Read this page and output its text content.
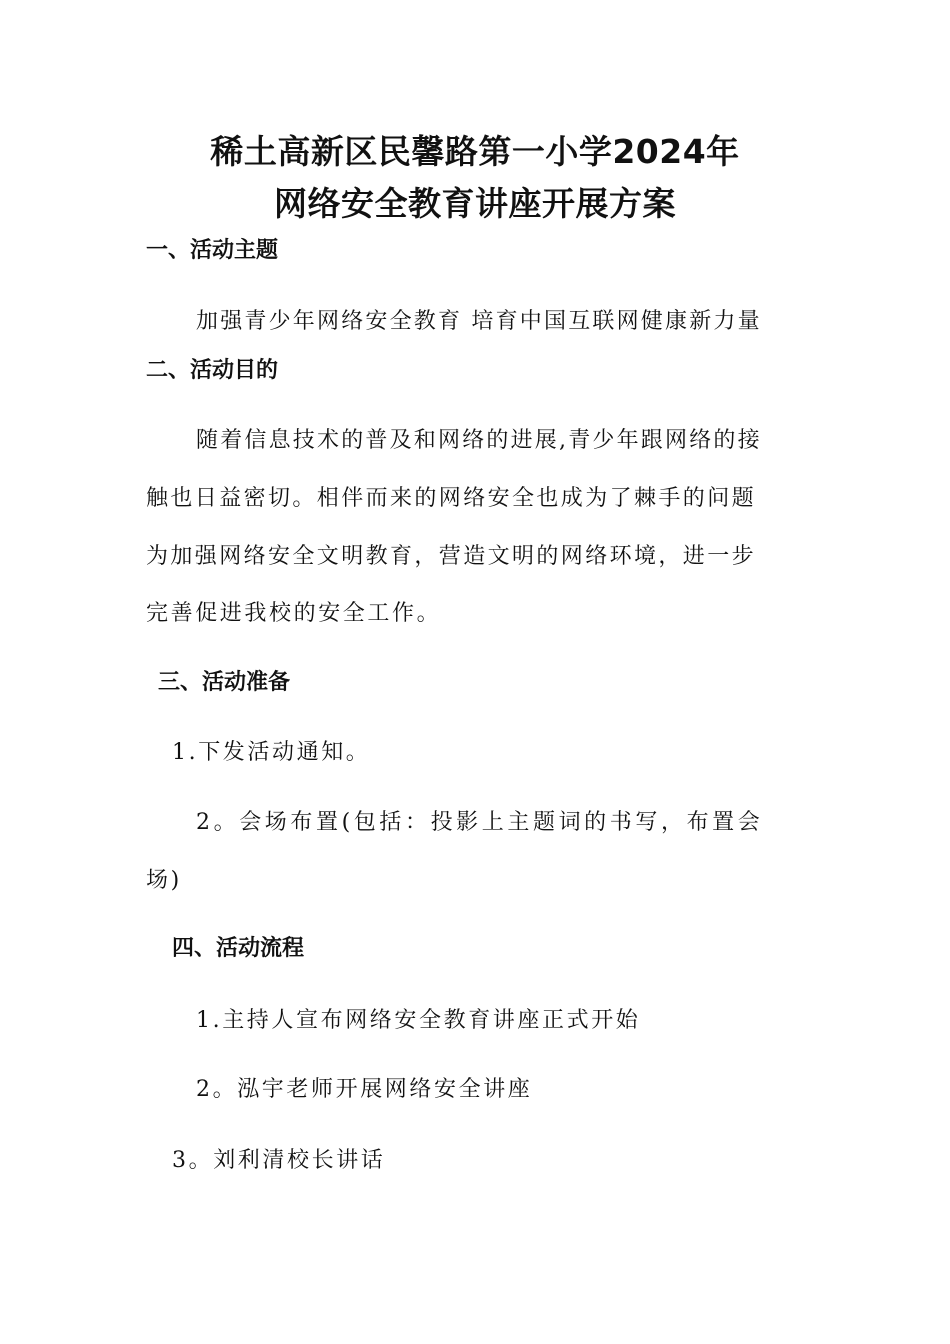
稀土高新区民馨路第一小学2024年
网络安全教育讲座开展方案
一、活动主题
加强青少年网络安全教育 培育中国互联网健康新力量
二、活动目的
随着信息技术的普及和网络的进展,青少年跟网络的接
触也日益密切。相伴而来的网络安全也成为了棘手的问题
为加强网络安全文明教育，营造文明的网络环境，进一步
完善促进我校的安全工作。
三、活动准备
1.下发活动通知。
2。会场布置(包括：投影上主题词的书写，布置会
场)
四、活动流程
1.主持人宣布网络安全教育讲座正式开始
2。泓宇老师开展网络安全讲座
3。刘利清校长讲话
